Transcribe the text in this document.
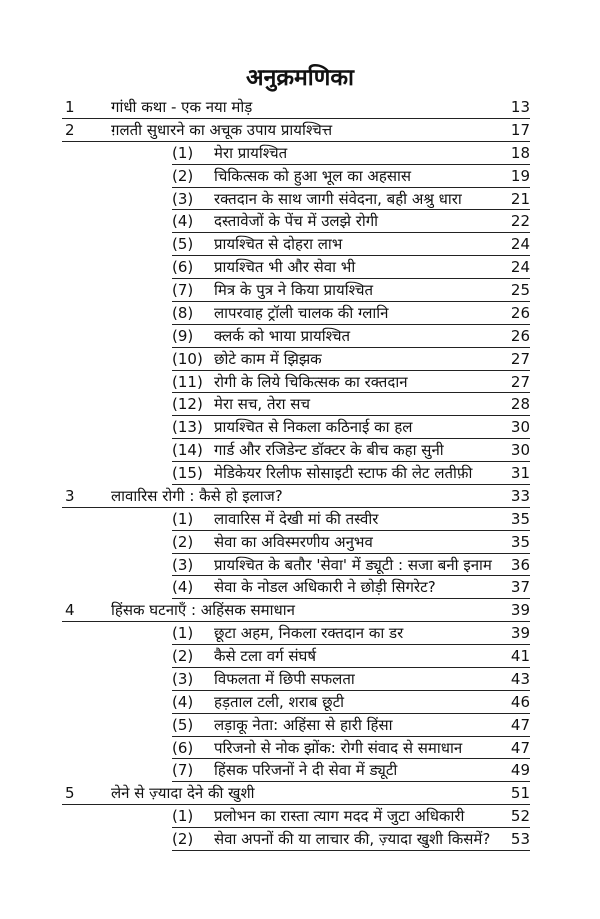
अनुक्रमणिका
1 गांधी कथा - एक नया मोड़	13
2 ग़लती सुधारने का अचूक उपाय प्रायश्चित्त	17
(1) मेरा प्रायश्चित	18
(2) चिकित्सक को हुआ भूल का अहसास	19
(3) रक्तदान के साथ जागी संवेदना, बही अश्रु धारा	21
(4) दस्तावेजों के पेंच में उलझे रोगी	22
(5) प्रायश्चित से दोहरा लाभ	24
(6) प्रायश्चित भी और सेवा भी	24
(7) मित्र के पुत्र ने किया प्रायश्चित	25
(8) लापरवाह ट्रॉली चालक की ग्लानि	26
(9) क्लर्क को भाया प्रायश्चित	26
(10) छोटे काम में झिझक	27
(11) रोगी के लिये चिकित्सक का रक्तदान	27
(12) मेरा सच, तेरा सच	28
(13) प्रायश्चित से निकला कठिनाई का हल	30
(14) गार्ड और रजिडेन्ट डॉक्टर के बीच कहा सुनी	30
(15) मेडिकेयर रिलीफ सोसाइटी स्टाफ की लेट लतीफ़ी	31
3 लावारिस रोगी : कैसे हो इलाज?	33
(1) लावारिस में देखी मां की तस्वीर	35
(2) सेवा का अविस्मरणीय अनुभव	35
(3) प्रायश्चित के बतौर 'सेवा' में ड्यूटी : सजा बनी इनाम	36
(4) सेवा के नोडल अधिकारी ने छोड़ी सिगरेट?	37
4 हिंसक घटनाएँ : अहिंसक समाधान	39
(1) छूटा अहम, निकला रक्तदान का डर	39
(2) कैसे टला वर्ग संघर्ष	41
(3) विफलता में छिपी सफलता	43
(4) हड़ताल टली, शराब छूटी	46
(5) लड़ाकू नेता: अहिंसा से हारी हिंसा	47
(6) परिजनो से नोक झोंक: रोगी संवाद से समाधान	47
(7) हिंसक परिजनों ने दी सेवा में ड्यूटी	49
5 लेने से ज़्यादा देने की खुशी	51
(1) प्रलोभन का रास्ता त्याग मदद में जुटा अधिकारी	52
(2) सेवा अपनों की या लाचार की, ज़्यादा खुशी किसमें?	53
